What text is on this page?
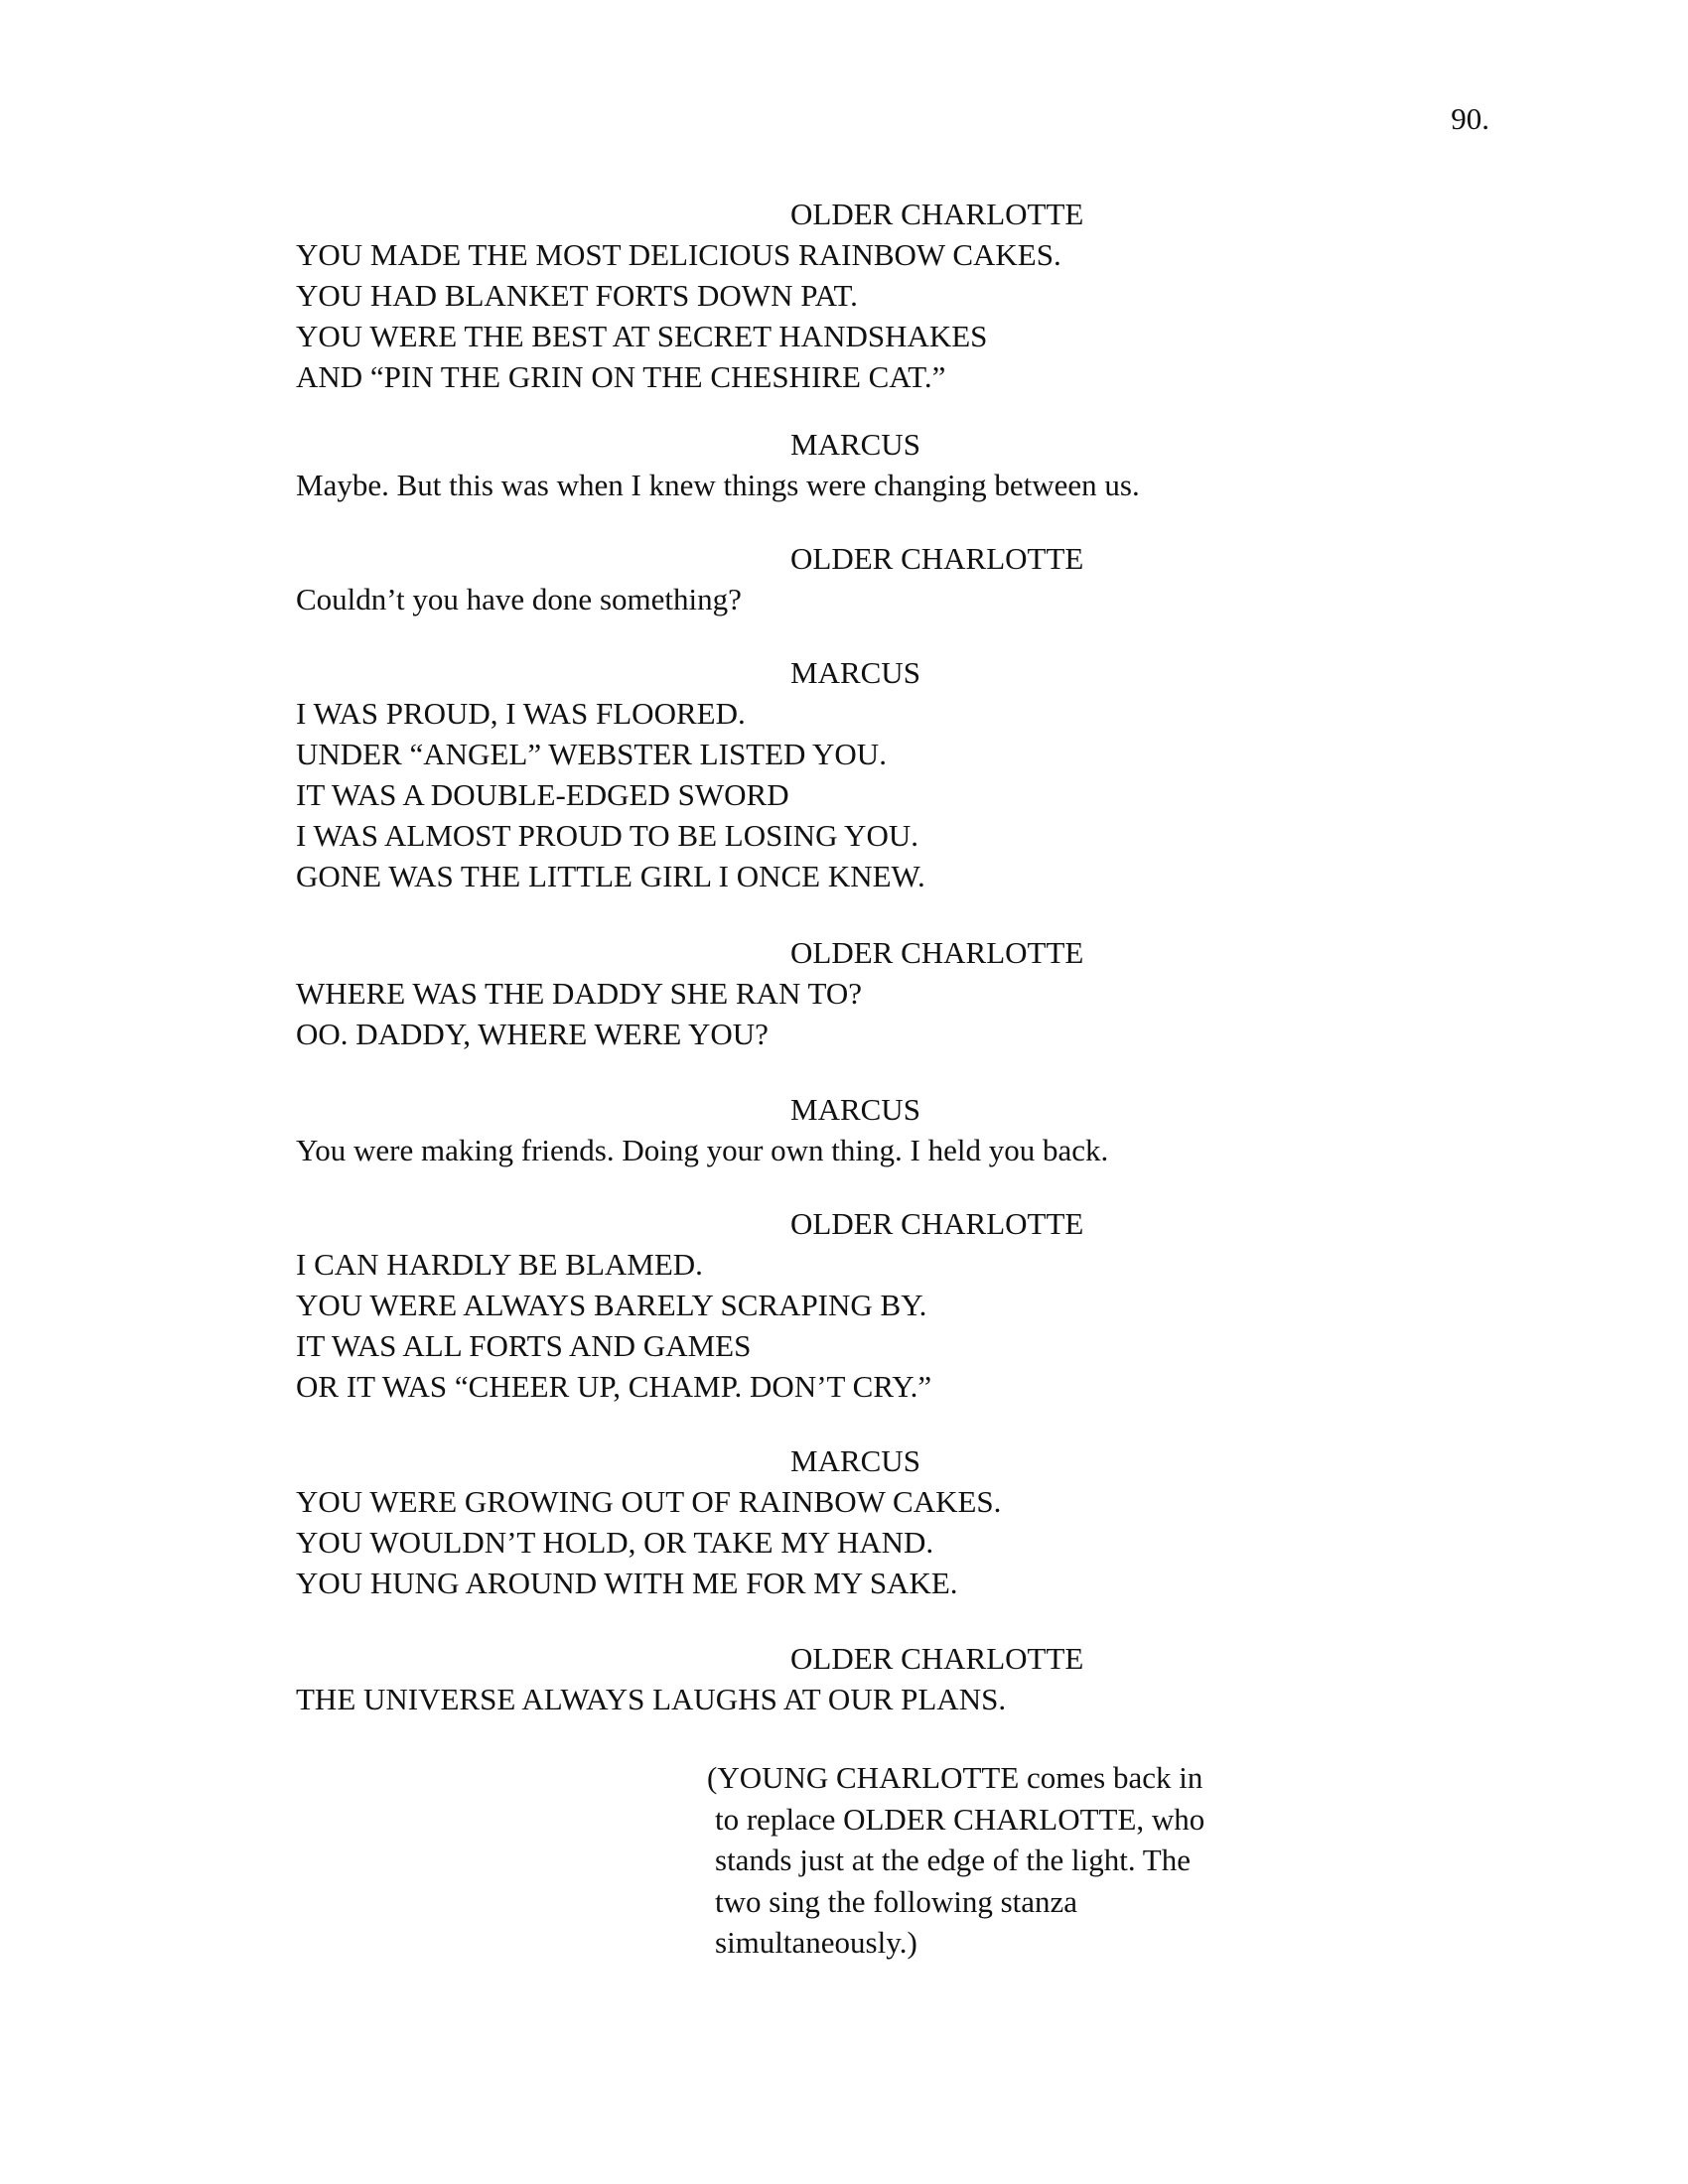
90.
OLDER CHARLOTTE
YOU MADE THE MOST DELICIOUS RAINBOW CAKES.
YOU HAD BLANKET FORTS DOWN PAT.
YOU WERE THE BEST AT SECRET HANDSHAKES
AND “PIN THE GRIN ON THE CHESHIRE CAT.”
MARCUS
Maybe. But this was when I knew things were changing between us.
OLDER CHARLOTTE
Couldn’t you have done something?
MARCUS
I WAS PROUD, I WAS FLOORED.
UNDER “ANGEL” WEBSTER LISTED YOU.
IT WAS A DOUBLE-EDGED SWORD
I WAS ALMOST PROUD TO BE LOSING YOU.
GONE WAS THE LITTLE GIRL I ONCE KNEW.
OLDER CHARLOTTE
WHERE WAS THE DADDY SHE RAN TO?
OO. DADDY, WHERE WERE YOU?
MARCUS
You were making friends. Doing your own thing. I held you back.
OLDER CHARLOTTE
I CAN HARDLY BE BLAMED.
YOU WERE ALWAYS BARELY SCRAPING BY.
IT WAS ALL FORTS AND GAMES
OR IT WAS “CHEER UP, CHAMP. DON’T CRY.”
MARCUS
YOU WERE GROWING OUT OF RAINBOW CAKES.
YOU WOULDN’T HOLD, OR TAKE MY HAND.
YOU HUNG AROUND WITH ME FOR MY SAKE.
OLDER CHARLOTTE
THE UNIVERSE ALWAYS LAUGHS AT OUR PLANS.
(YOUNG CHARLOTTE comes back in
to replace OLDER CHARLOTTE, who
stands just at the edge of the light. The
two sing the following stanza
simultaneously.)
